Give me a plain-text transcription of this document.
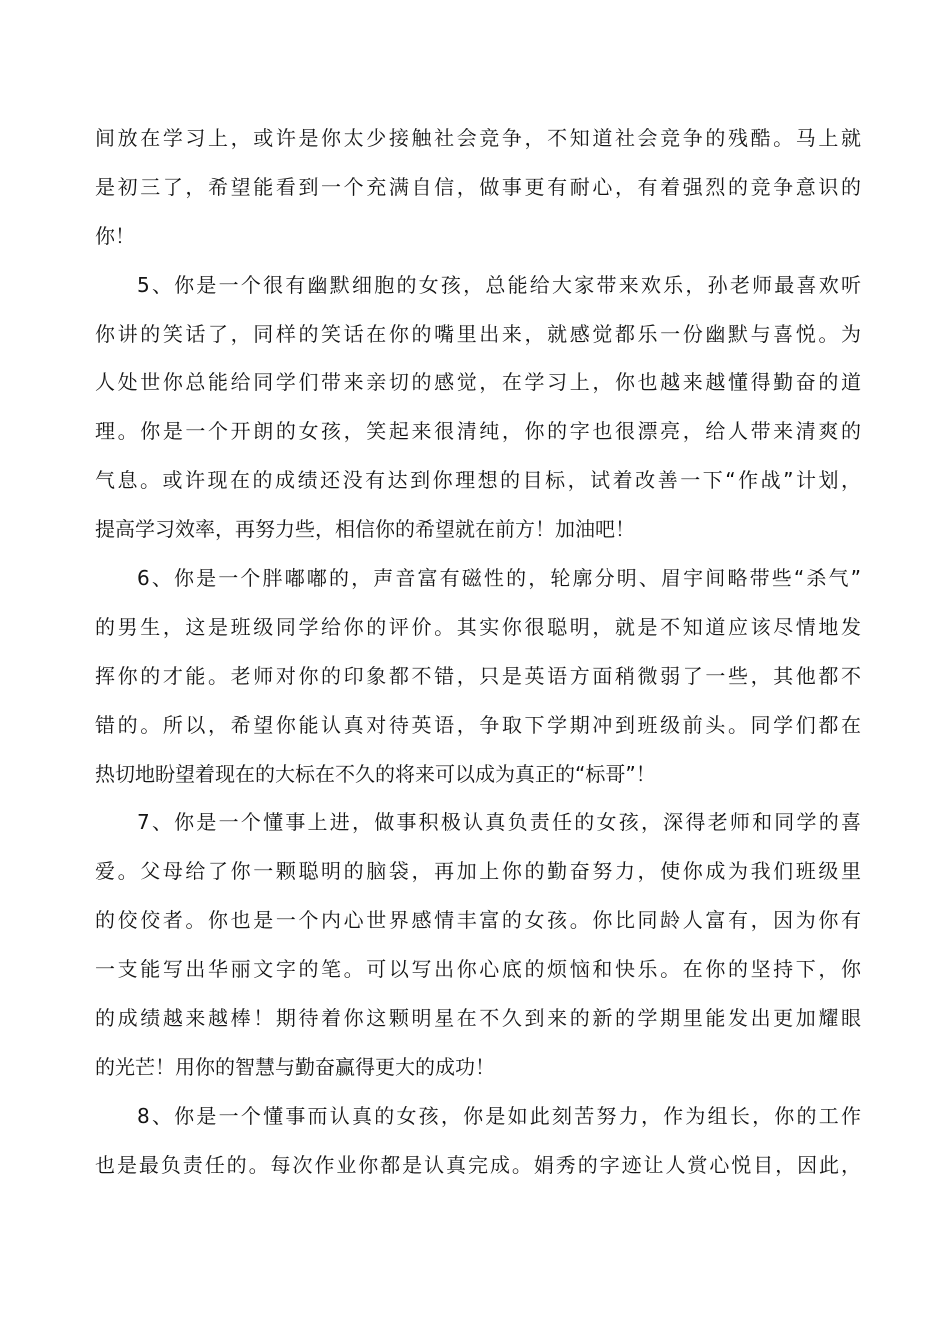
间放在学习上，或许是你太少接触社会竞争，不知道社会竞争的残酷。马上就
是初三了，希望能看到一个充满自信，做事更有耐心，有着强烈的竞争意识的
你！
5、你是一个很有幽默细胞的女孩，总能给大家带来欢乐，孙老师最喜欢听
你讲的笑话了，同样的笑话在你的嘴里出来，就感觉都乐一份幽默与喜悦。为
人处世你总能给同学们带来亲切的感觉，在学习上，你也越来越懂得勤奋的道
理。你是一个开朗的女孩，笑起来很清纯，你的字也很漂亮，给人带来清爽的
气息。或许现在的成绩还没有达到你理想的目标，试着改善一下“作战”计划，
提高学习效率，再努力些，相信你的希望就在前方！加油吧！
6、你是一个胖嘟嘟的，声音富有磁性的，轮廓分明、眉宇间略带些“杀气”
的男生，这是班级同学给你的评价。其实你很聪明，就是不知道应该尽情地发
挥你的才能。老师对你的印象都不错，只是英语方面稍微弱了一些，其他都不
错的。所以，希望你能认真对待英语，争取下学期冲到班级前头。同学们都在
热切地盼望着现在的大标在不久的将来可以成为真正的“标哥”！
7、你是一个懂事上进，做事积极认真负责任的女孩，深得老师和同学的喜
爱。父母给了你一颗聪明的脑袋，再加上你的勤奋努力，使你成为我们班级里
的佼佼者。你也是一个内心世界感情丰富的女孩。你比同龄人富有，因为你有
一支能写出华丽文字的笔。可以写出你心底的烦恼和快乐。在你的坚持下，你
的成绩越来越棒！期待着你这颗明星在不久到来的新的学期里能发出更加耀眼
的光芒！用你的智慧与勤奋赢得更大的成功！
8、你是一个懂事而认真的女孩，你是如此刻苦努力，作为组长，你的工作
也是最负责任的。每次作业你都是认真完成。娟秀的字迹让人赏心悦目，因此，
